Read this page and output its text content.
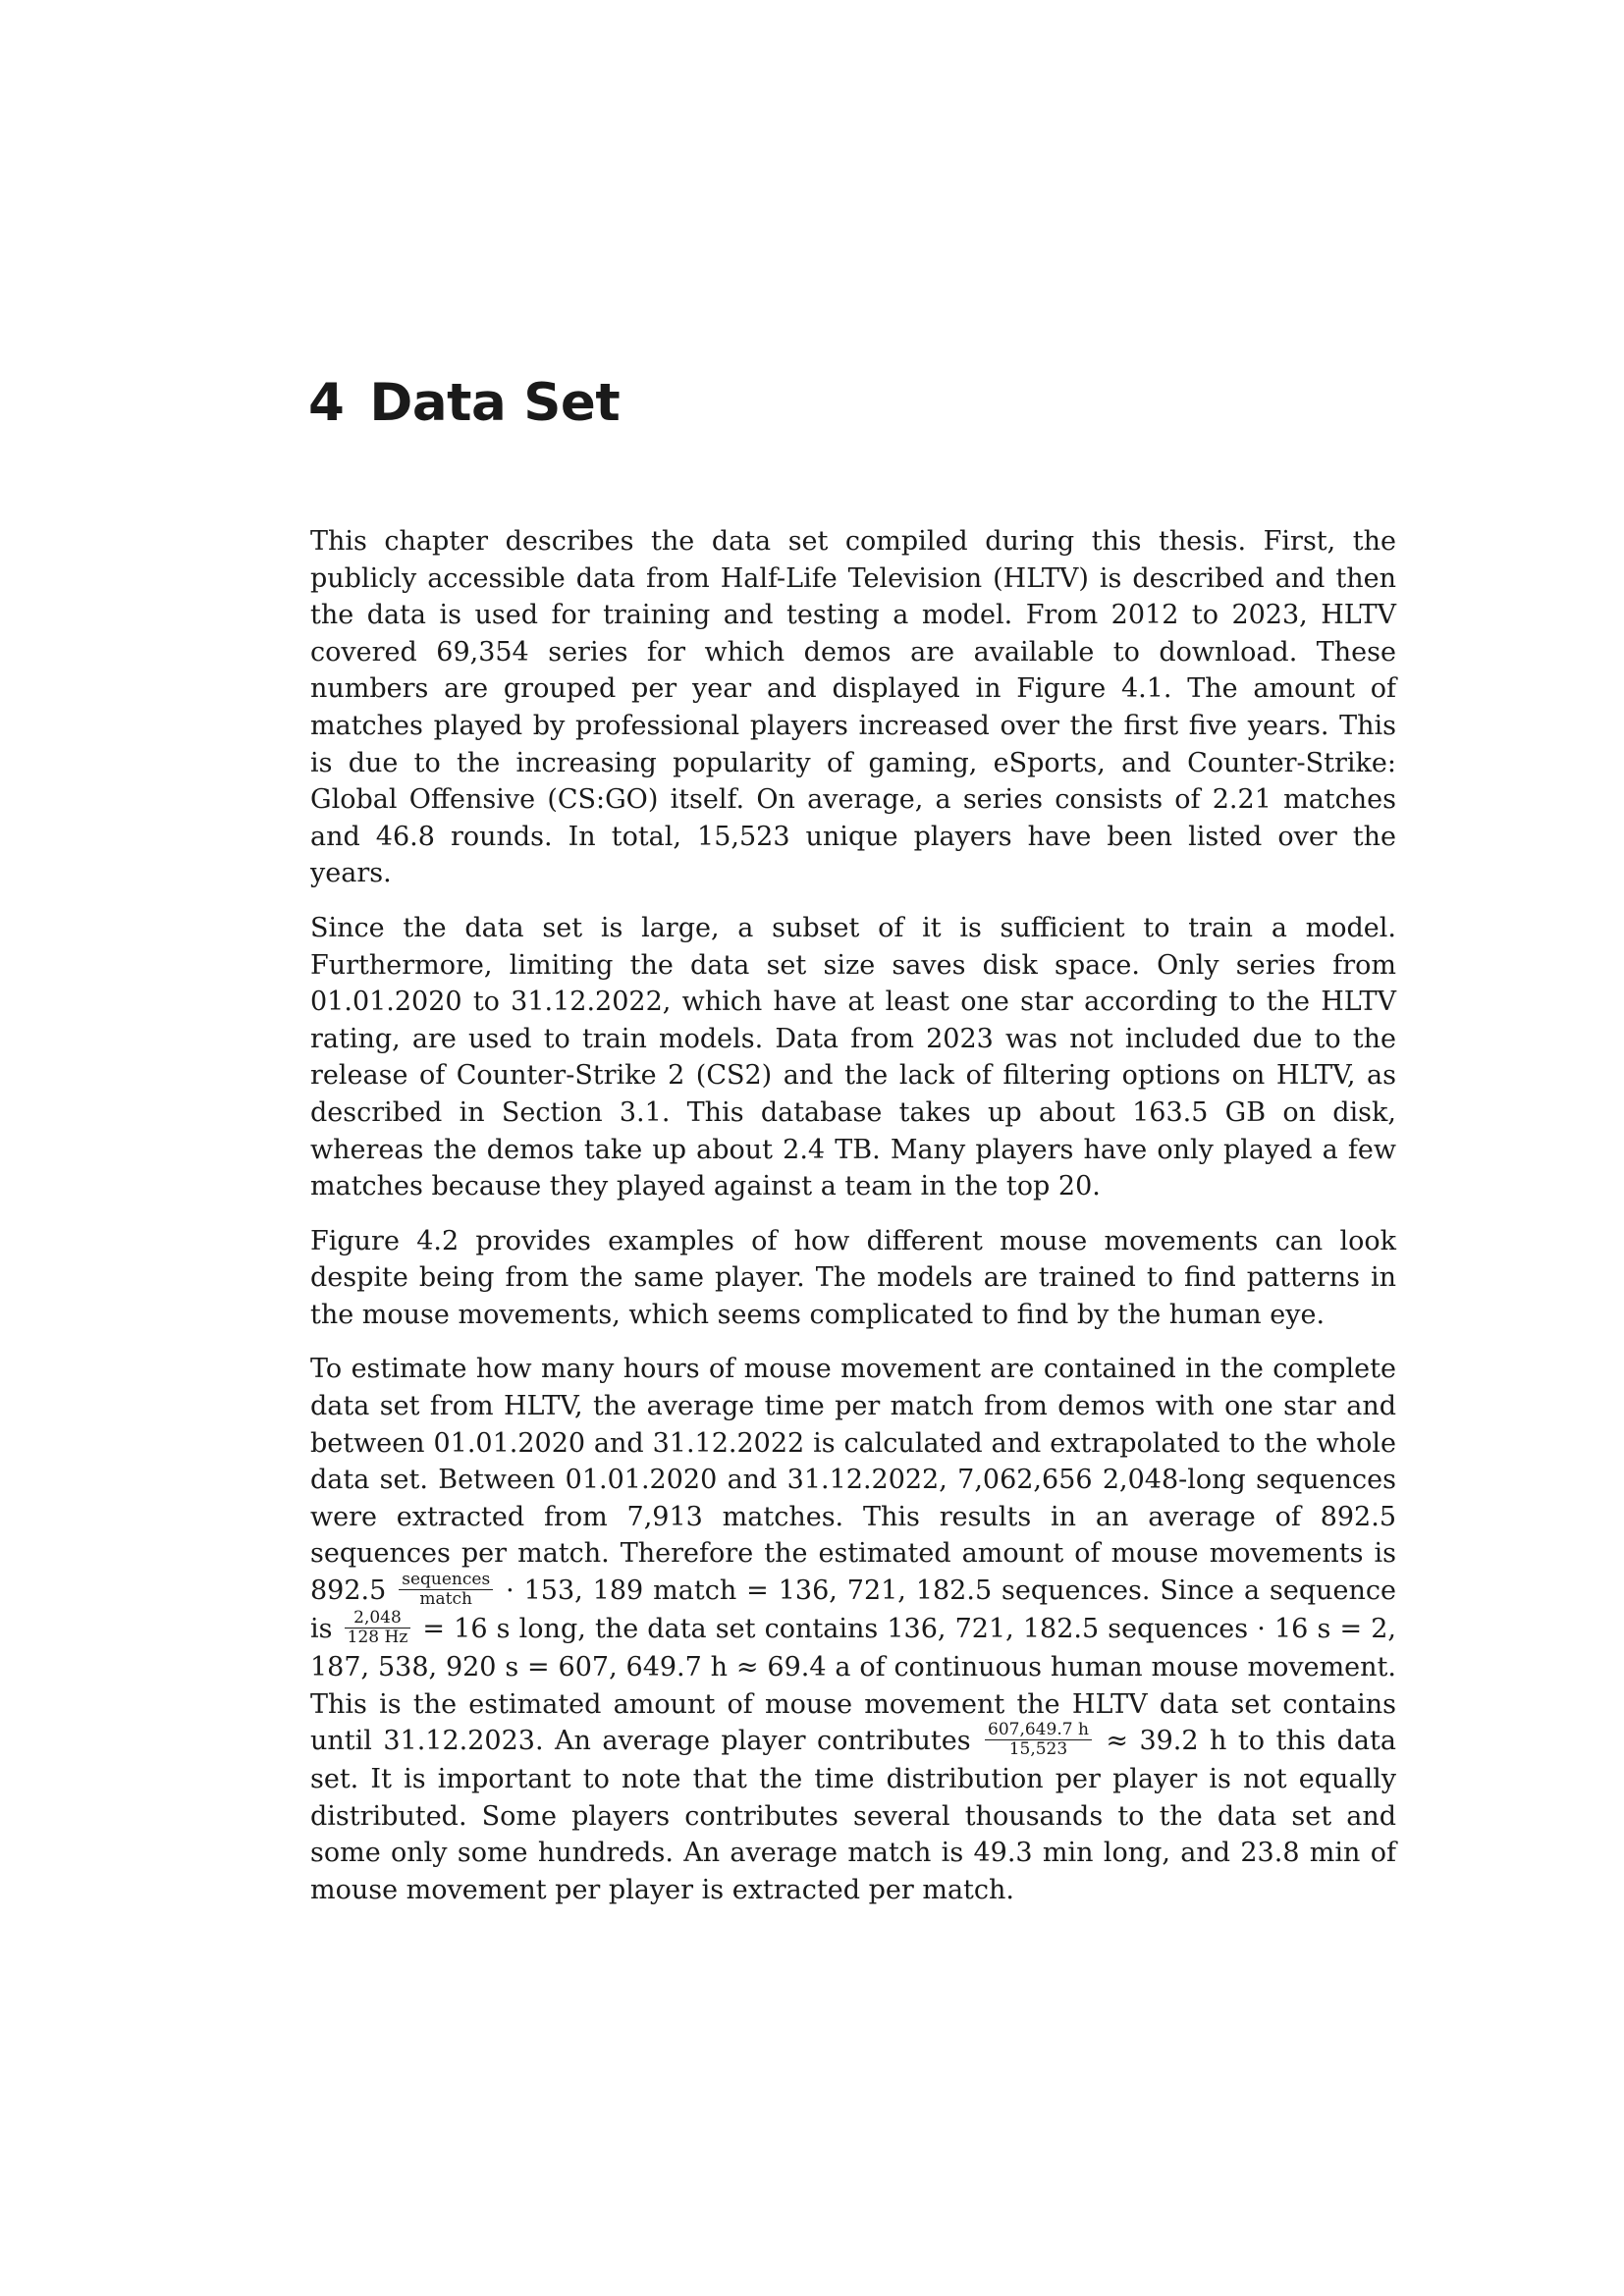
4 Data Set

This chapter describes the data set compiled during this thesis. First, the publicly accessible data from Half-Life Television (HLTV) is described and then the data is used for training and testing a model. From 2012 to 2023, HLTV covered 69,354 series for which demos are available to download. These numbers are grouped per year and displayed in Figure 4.1. The amount of matches played by professional players increased over the first five years. This is due to the increasing popularity of gaming, eSports, and Counter-Strike: Global Offensive (CS:GO) itself. On average, a series consists of 2.21 matches and 46.8 rounds. In total, 15,523 unique players have been listed over the years.

Since the data set is large, a subset of it is sufficient to train a model. Furthermore, limiting the data set size saves disk space. Only series from 01.01.2020 to 31.12.2022, which have at least one star according to the HLTV rating, are used to train models. Data from 2023 was not included due to the release of Counter-Strike 2 (CS2) and the lack of filtering options on HLTV, as described in Section 3.1. This database takes up about 163.5 GB on disk, whereas the demos take up about 2.4 TB. Many players have only played a few matches because they played against a team in the top 20.

Figure 4.2 provides examples of how different mouse movements can look despite being from the same player. The models are trained to find patterns in the mouse movements, which seems complicated to find by the human eye.

To estimate how many hours of mouse movement are contained in the complete data set from HLTV, the average time per match from demos with one star and between 01.01.2020 and 31.12.2022 is calculated and extrapolated to the whole data set. Between 01.01.2020 and 31.12.2022, 7,062,656 2,048-long sequences were extracted from 7,913 matches. This results in an average of 892.5 sequences per match. Therefore the estimated amount of mouse movements is $892.5 \frac{\text{sequences}}{\text{match}} \cdot 153$, 189 match = 136, 721, 182.5 sequences. Since a sequence is $\frac{2,048}{128 Hz} = 16$ s long, the data set contains 136, 721, 182.5 sequences · 16 s = 2, 187, 538, 920 s = 607, 649.7 h ≈ 69.4 a of continuous human mouse movement. This is the estimated amount of mouse movement the HLTV data set contains until 31.12.2023. An average player contributes $\frac{607,649.7 h}{15,523} \approx 39.2$ h to this data set. It is important to note that the time distribution per player is not equally distributed. Some players contributes several thousands to the data set and some only some hundreds. An average match is 49.3 min long, and 23.8 min of mouse movement per player is extracted per match.
